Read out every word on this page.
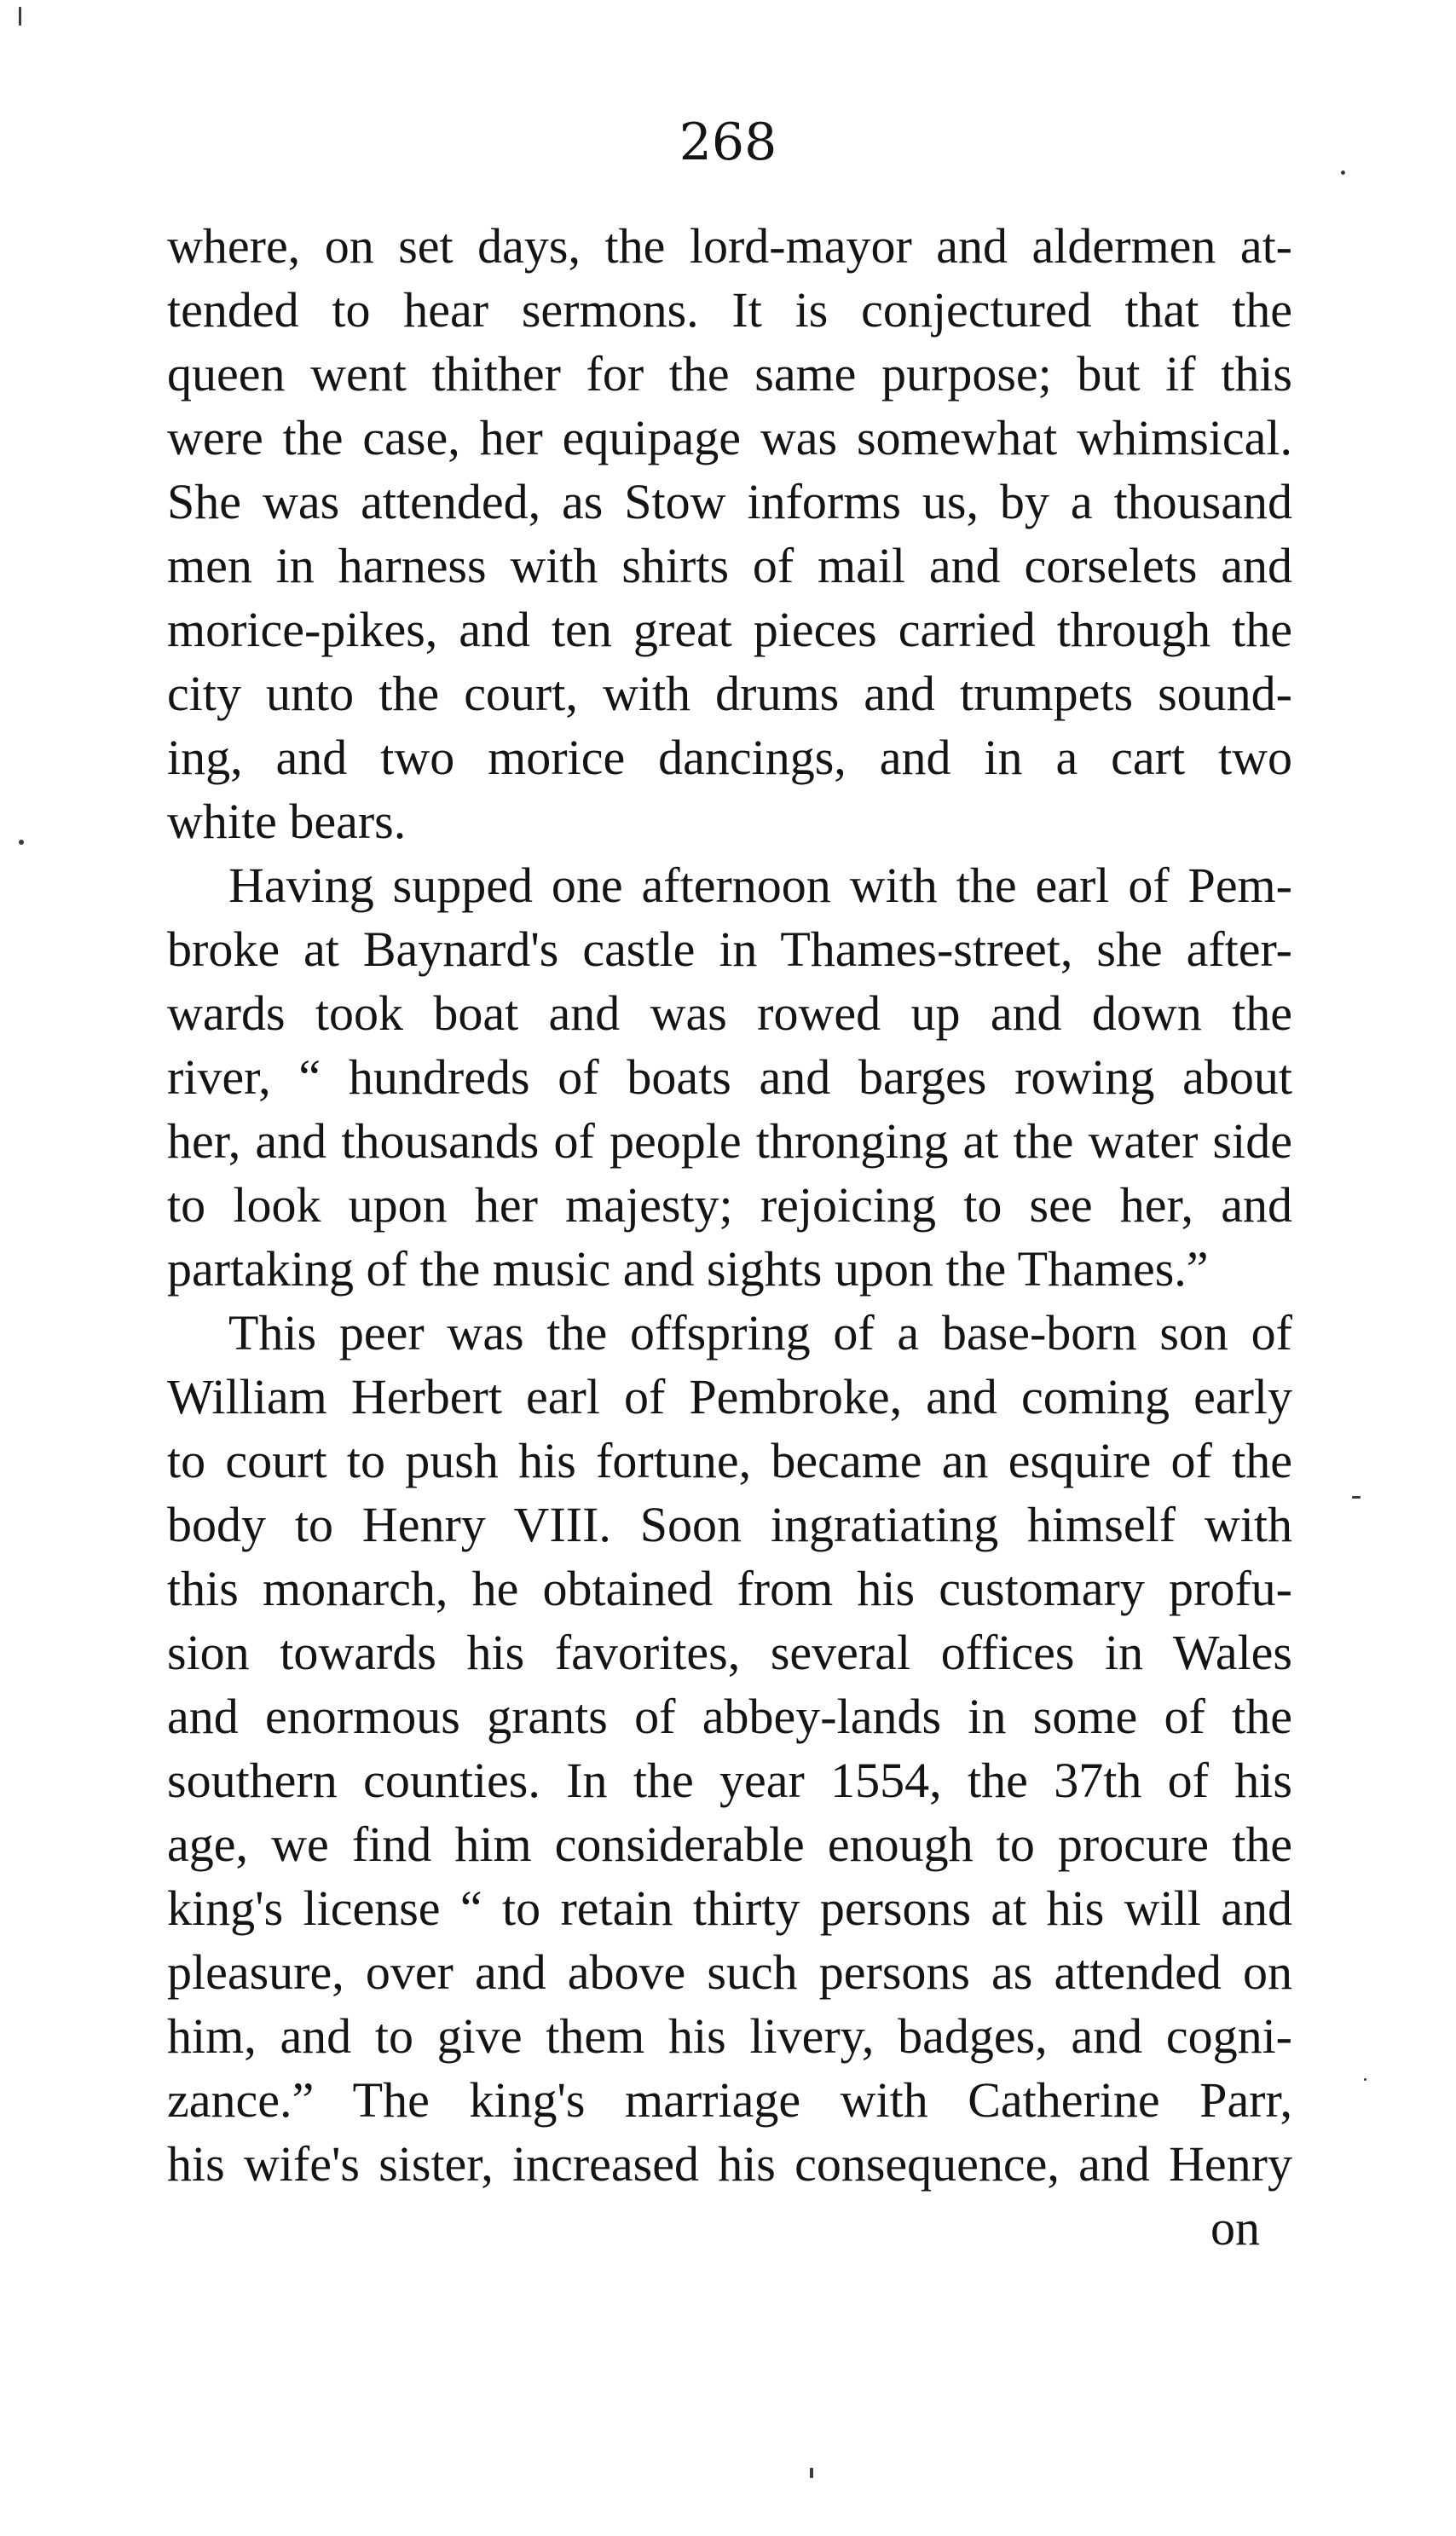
268
where, on set days, the lord-mayor and aldermen at-
tended to hear sermons. It is conjectured that the
queen went thither for the same purpose; but if this
were the case, her equipage was somewhat whimsical.
She was attended, as Stow informs us, by a thousand
men in harness with shirts of mail and corselets and
morice-pikes, and ten great pieces carried through the
city unto the court, with drums and trumpets sound-
ing, and two morice dancings, and in a cart two
white bears.
Having supped one afternoon with the earl of Pem-
broke at Baynard's castle in Thames-street, she after-
wards took boat and was rowed up and down the
river, “ hundreds of boats and barges rowing about
her, and thousands of people thronging at the water side
to look upon her majesty; rejoicing to see her, and
partaking of the music and sights upon the Thames.”
This peer was the offspring of a base-born son of
William Herbert earl of Pembroke, and coming early
to court to push his fortune, became an esquire of the
body to Henry VIII. Soon ingratiating himself with
this monarch, he obtained from his customary profu-
sion towards his favorites, several offices in Wales
and enormous grants of abbey-lands in some of the
southern counties. In the year 1554, the 37th of his
age, we find him considerable enough to procure the
king's license “ to retain thirty persons at his will and
pleasure, over and above such persons as attended on
him, and to give them his livery, badges, and cogni-
zance.” The king's marriage with Catherine Parr,
his wife's sister, increased his consequence, and Henry
on
